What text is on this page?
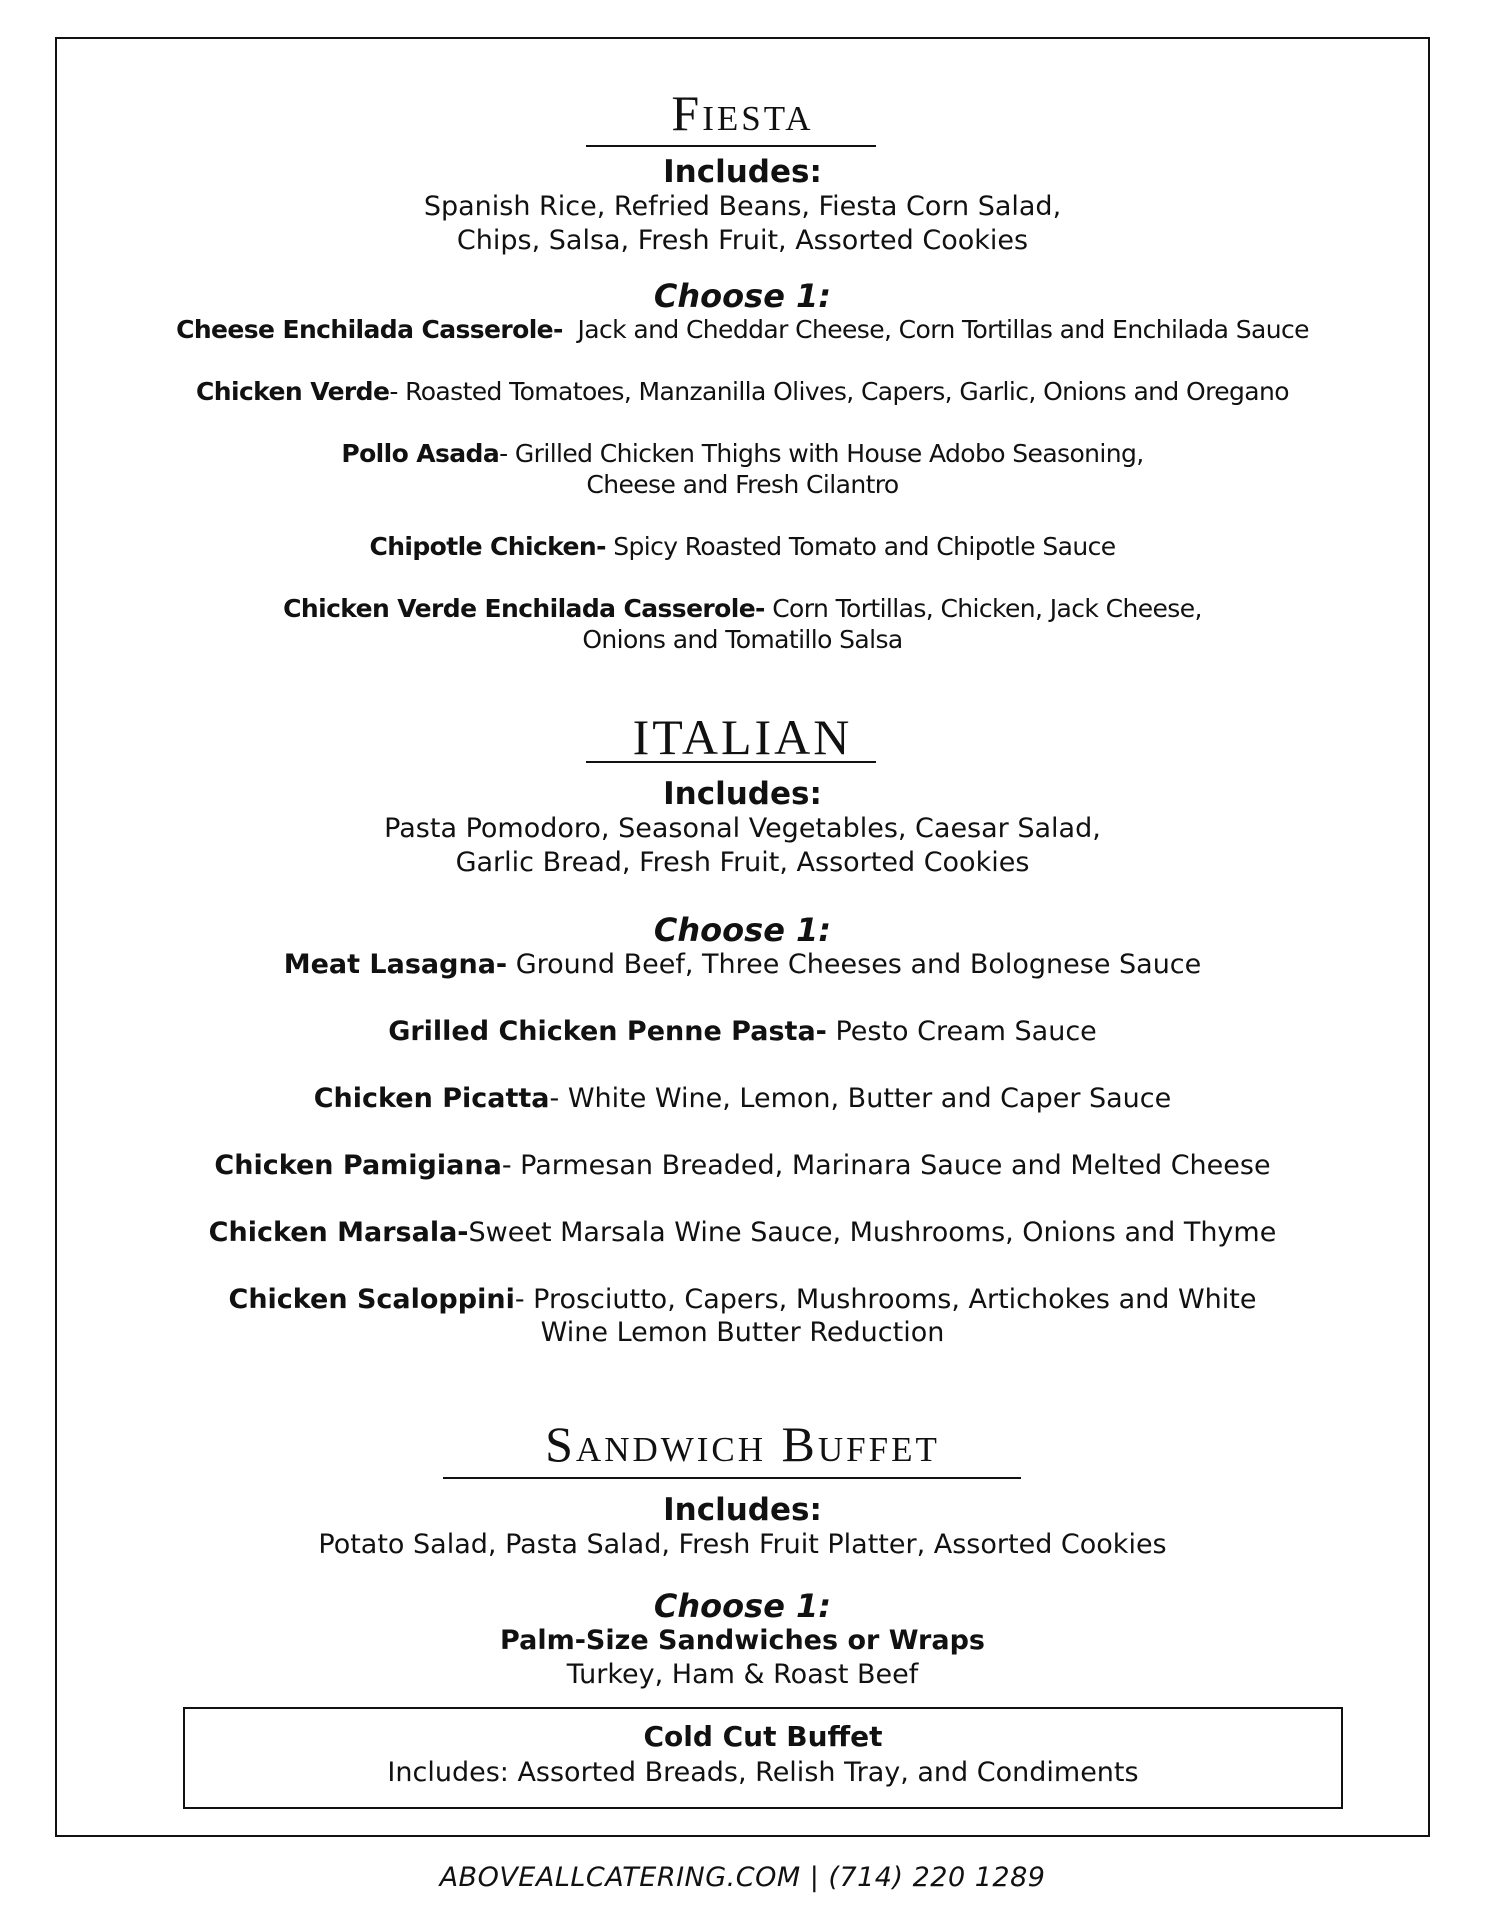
Fiesta
Includes:
Spanish Rice, Refried Beans, Fiesta Corn Salad,
Chips, Salsa, Fresh Fruit, Assorted Cookies
Choose 1:
Cheese Enchilada Casserole-  Jack and Cheddar Cheese, Corn Tortillas and Enchilada Sauce
Chicken Verde- Roasted Tomatoes, Manzanilla Olives, Capers, Garlic, Onions and Oregano
Pollo Asada- Grilled Chicken Thighs with House Adobo Seasoning,
Cheese and Fresh Cilantro
Chipotle Chicken- Spicy Roasted Tomato and Chipotle Sauce
Chicken Verde Enchilada Casserole- Corn Tortillas, Chicken, Jack Cheese,
Onions and Tomatillo Salsa
ITALIAN
Includes:
Pasta Pomodoro, Seasonal Vegetables, Caesar Salad,
Garlic Bread, Fresh Fruit, Assorted Cookies
Choose 1:
Meat Lasagna- Ground Beef, Three Cheeses and Bolognese Sauce
Grilled Chicken Penne Pasta- Pesto Cream Sauce
Chicken Picatta- White Wine, Lemon, Butter and Caper Sauce
Chicken Pamigiana- Parmesan Breaded, Marinara Sauce and Melted Cheese
Chicken Marsala-Sweet Marsala Wine Sauce, Mushrooms, Onions and Thyme
Chicken Scaloppini- Prosciutto, Capers, Mushrooms, Artichokes and White
Wine Lemon Butter Reduction
Sandwich Buffet
Includes:
Potato Salad, Pasta Salad, Fresh Fruit Platter, Assorted Cookies
Choose 1:
Palm-Size Sandwiches or Wraps
Turkey, Ham & Roast Beef
Cold Cut Buffet
Includes: Assorted Breads, Relish Tray, and Condiments
ABOVEALLCATERING.COM | (714) 220 1289
